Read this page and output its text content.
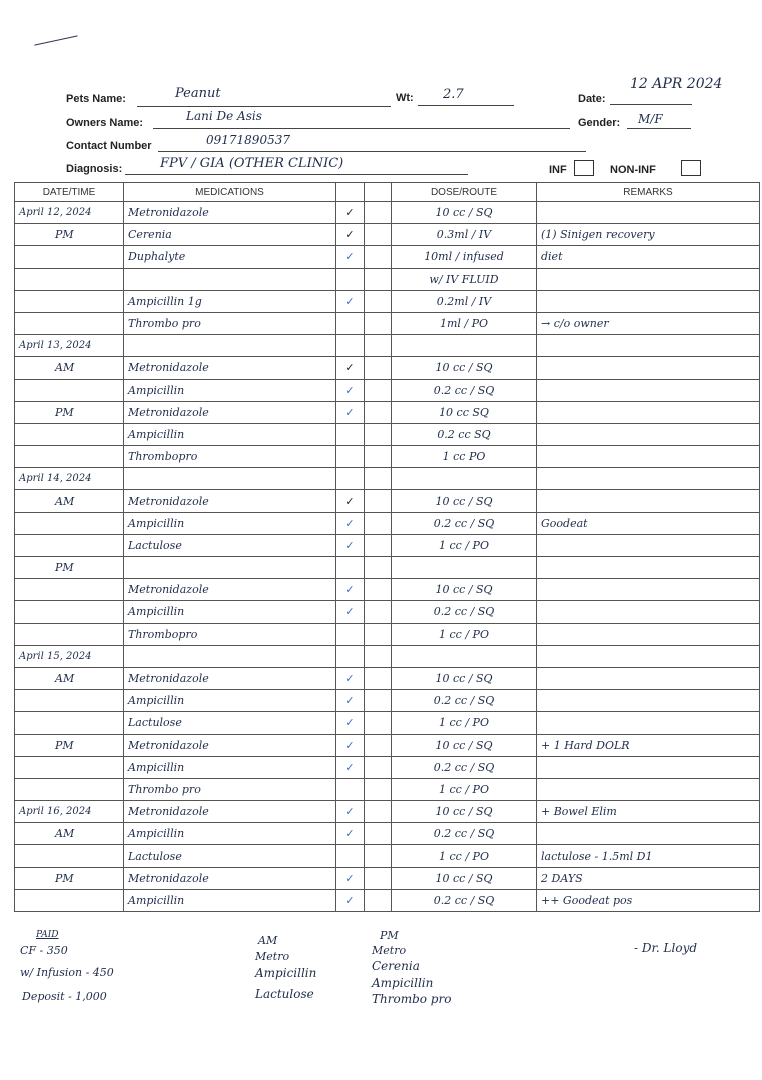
Pets Name:	Peanut	Wt: 2.7	Date:
12 APR 2024
Owners Name:	Lani De Asis	Gender: M/F
Contact Number	09171890537
Diagnosis:	FPV / GIA (OTHER CLINIC)	INF	NON-INF
DATE/TIME	MEDICATIONS			DOSE/ROUTE	REMARKS
April 12, 2024	Metronidazole	✓		10 cc / SQ	
PM	Cerenia	✓		0.3ml / IV	(1) Sinigen recovery
	Duphalyte	✓		10ml / infused	diet
				w/ IV FLUID	
	Ampicillin 1g	✓		0.2ml / IV	
	Thrombo pro			1ml / PO	→ c/o owner
April 13, 2024					
AM	Metronidazole	✓		10 cc / SQ	
	Ampicillin	✓		0.2 cc / SQ	
PM	Metronidazole	✓		10 cc SQ	
	Ampicillin			0.2 cc SQ	
	Thrombopro			1 cc PO	
April 14, 2024					
AM	Metronidazole	✓		10 cc / SQ	
	Ampicillin	✓		0.2 cc / SQ	Goodeat
	Lactulose	✓		1 cc / PO	
PM					
	Metronidazole	✓		10 cc / SQ	
	Ampicillin	✓		0.2 cc / SQ	
	Thrombopro			1 cc / PO	
April 15, 2024					
AM	Metronidazole	✓		10 cc / SQ	
	Ampicillin	✓		0.2 cc / SQ	
	Lactulose	✓		1 cc / PO	
PM	Metronidazole	✓		10 cc / SQ	+ 1 Hard DOLR
	Ampicillin	✓		0.2 cc / SQ	
	Thrombo pro			1 cc / PO	
April 16, 2024	Metronidazole	✓		10 cc / SQ	+ Bowel Elim
AM	Ampicillin	✓		0.2 cc / SQ	
	Lactulose			1 cc / PO	lactulose - 1.5ml D1
PM	Metronidazole	✓		10 cc / SQ	2 DAYS
	Ampicillin	✓		0.2 cc / SQ	++ Goodeat pos
PAID
CF - 350
w/ Infusion - 450
Deposit - 1,000
AM
Metro
Ampicillin
Lactulose
PM
Metro
Cerenia
Ampicillin
Thrombo pro
- Dr. Lloyd
